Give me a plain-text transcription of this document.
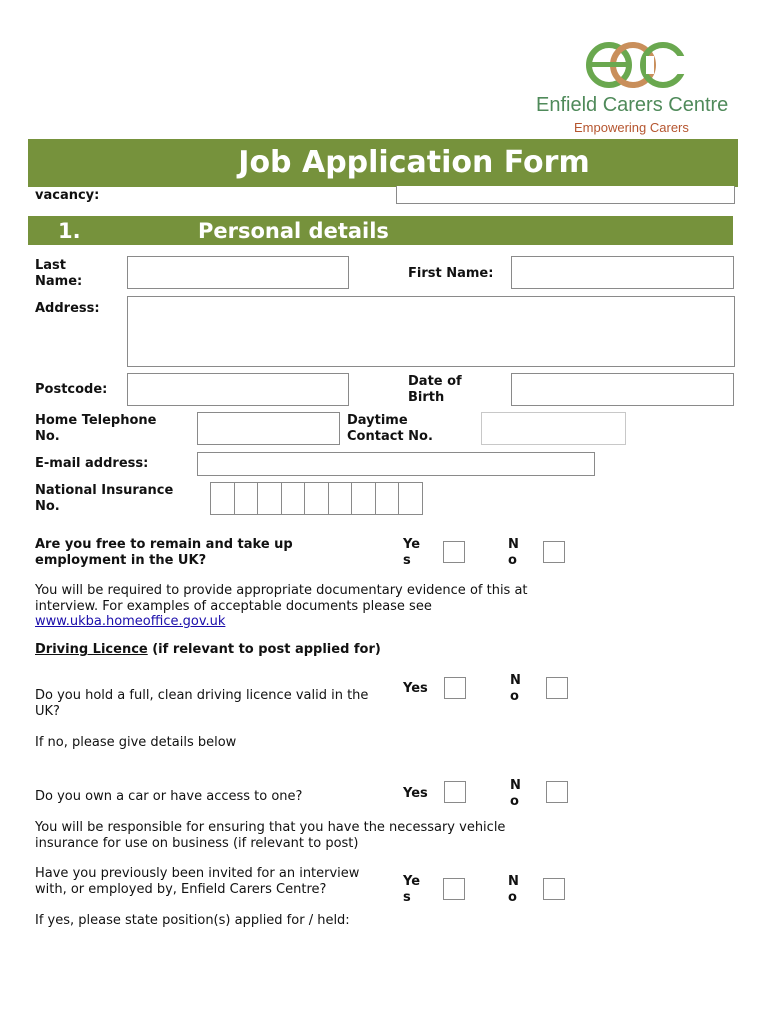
Enfield Carers Centre
Empowering Carers
Job Application Form
vacancy:
1.	Personal details
Last Name:
First Name:
Address:
Postcode:
Date of Birth
Home Telephone No.
Daytime Contact No.
E-mail address:
National Insurance No.
Are you free to remain and take up employment in the UK?
Ye s
N o
You will be required to provide appropriate documentary evidence of this at interview. For examples of acceptable documents please see www.ukba.homeoffice.gov.uk
Driving Licence (if relevant to post applied for)
Do you hold a full, clean driving licence valid in the UK?
Yes
N o
If no, please give details below
Do you own a car or have access to one?	Yes
N o
You will be responsible for ensuring that you have the necessary vehicle insurance for use on business (if relevant to post)
Have you previously been invited for an interview with, or employed by, Enfield Carers Centre?
If yes, please state position(s) applied for / held:
Ye s
N o
